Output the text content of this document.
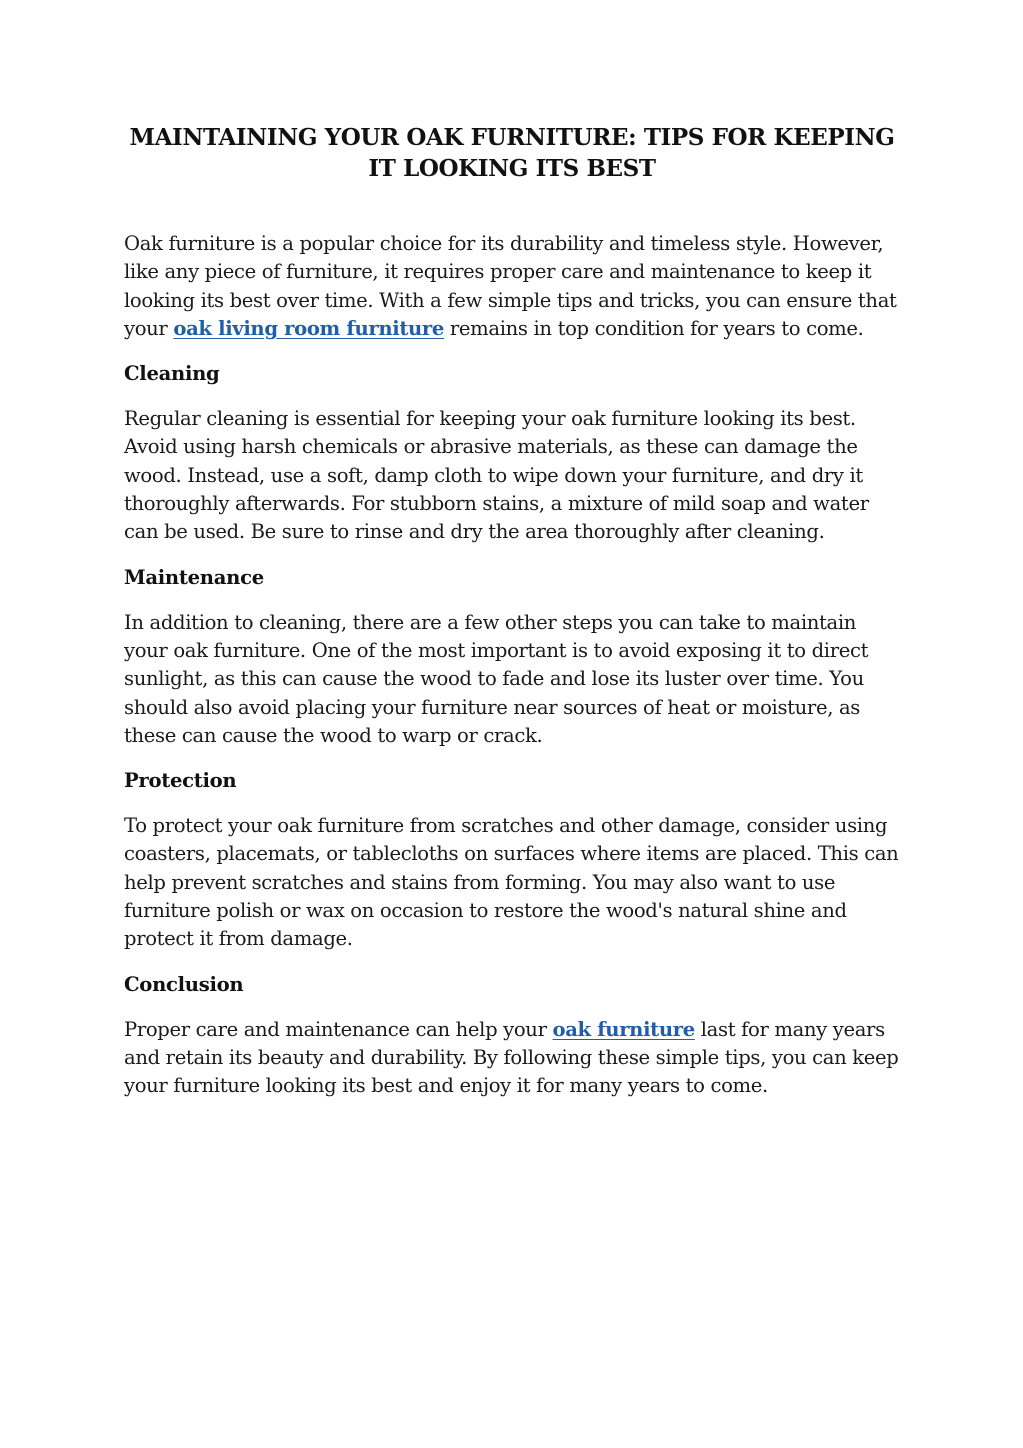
MAINTAINING YOUR OAK FURNITURE: TIPS FOR KEEPING IT LOOKING ITS BEST

Oak furniture is a popular choice for its durability and timeless style. However, like any piece of furniture, it requires proper care and maintenance to keep it looking its best over time. With a few simple tips and tricks, you can ensure that your oak living room furniture remains in top condition for years to come.

Cleaning

Regular cleaning is essential for keeping your oak furniture looking its best. Avoid using harsh chemicals or abrasive materials, as these can damage the wood. Instead, use a soft, damp cloth to wipe down your furniture, and dry it thoroughly afterwards. For stubborn stains, a mixture of mild soap and water can be used. Be sure to rinse and dry the area thoroughly after cleaning.

Maintenance

In addition to cleaning, there are a few other steps you can take to maintain your oak furniture. One of the most important is to avoid exposing it to direct sunlight, as this can cause the wood to fade and lose its luster over time. You should also avoid placing your furniture near sources of heat or moisture, as these can cause the wood to warp or crack.

Protection

To protect your oak furniture from scratches and other damage, consider using coasters, placemats, or tablecloths on surfaces where items are placed. This can help prevent scratches and stains from forming. You may also want to use furniture polish or wax on occasion to restore the wood's natural shine and protect it from damage.

Conclusion

Proper care and maintenance can help your oak furniture last for many years and retain its beauty and durability. By following these simple tips, you can keep your furniture looking its best and enjoy it for many years to come.
